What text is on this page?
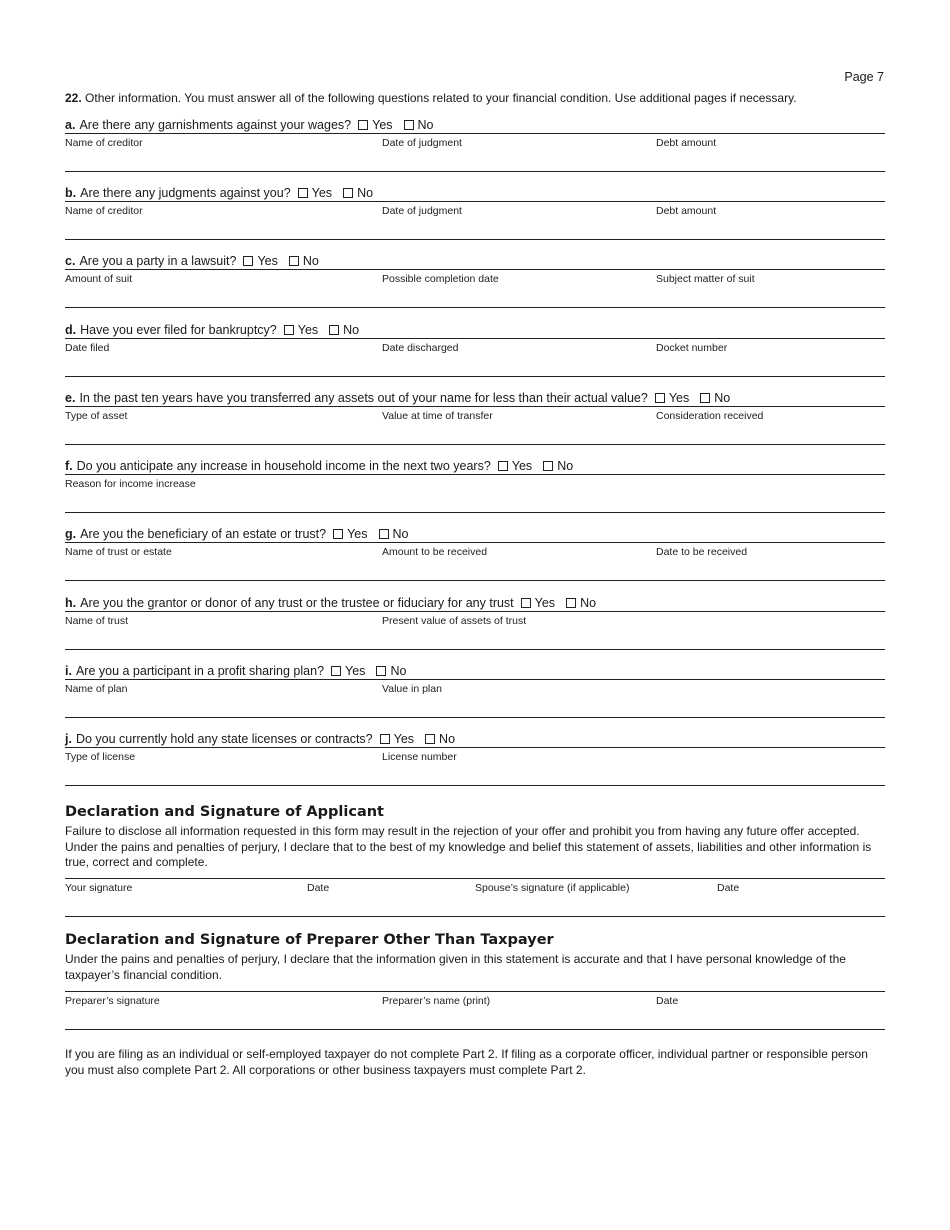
Page 7
22. Other information. You must answer all of the following questions related to your financial condition. Use additional pages if necessary.
a. Are there any garnishments against your wages? Yes No
Name of creditor	Date of judgment	Debt amount
b. Are there any judgments against you? Yes No
Name of creditor	Date of judgment	Debt amount
c. Are you a party in a lawsuit? Yes No
Amount of suit	Possible completion date	Subject matter of suit
d. Have you ever filed for bankruptcy? Yes No
Date filed	Date discharged	Docket number
e. In the past ten years have you transferred any assets out of your name for less than their actual value? Yes No
Type of asset	Value at time of transfer	Consideration received
f. Do you anticipate any increase in household income in the next two years? Yes No
Reason for income increase
g. Are you the beneficiary of an estate or trust? Yes No
Name of trust or estate	Amount to be received	Date to be received
h. Are you the grantor or donor of any trust or the trustee or fiduciary for any trust Yes No
Name of trust	Present value of assets of trust
i. Are you a participant in a profit sharing plan? Yes No
Name of plan	Value in plan
j. Do you currently hold any state licenses or contracts? Yes No
Type of license	License number
Declaration and Signature of Applicant
Failure to disclose all information requested in this form may result in the rejection of your offer and prohibit you from having any future offer accepted. Under the pains and penalties of perjury, I declare that to the best of my knowledge and belief this statement of assets, liabilities and other information is true, correct and complete.
Your signature	Date	Spouse’s signature (if applicable)	Date
Declaration and Signature of Preparer Other Than Taxpayer
Under the pains and penalties of perjury, I declare that the information given in this statement is accurate and that I have personal knowledge of the taxpayer’s financial condition.
Preparer’s signature	Preparer’s name (print)	Date
If you are filing as an individual or self-employed taxpayer do not complete Part 2. If filing as a corporate officer, individual partner or responsible person you must also complete Part 2. All corporations or other business taxpayers must complete Part 2.
